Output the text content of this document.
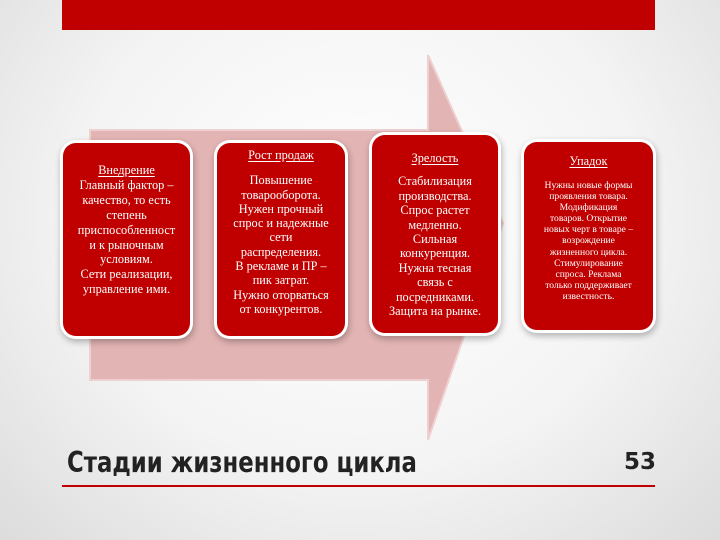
Внедрение
Главный фактор –
качество, то есть
степень
приспособленност
и к рыночным
условиям.
Сети реализации,
управление ими.
Рост продаж
Повышение
товарооборота.
Нужен прочный
спрос и надежные
сети
распределения.
В рекламе и ПР –
пик затрат.
Нужно оторваться
от конкурентов.
Зрелость
Стабилизация
производства.
Спрос растет
медленно.
Сильная
конкуренция.
Нужна тесная
связь с
посредниками.
Защита на рынке.
Упадок
Нужны новые формы
проявления товара.
Модификация
товаров. Открытие
новых черт в товаре –
возрождение
жизненного цикла.
Стимулирование
спроса. Реклама
только поддерживает
известность.
Стадии жизненного цикла	53
